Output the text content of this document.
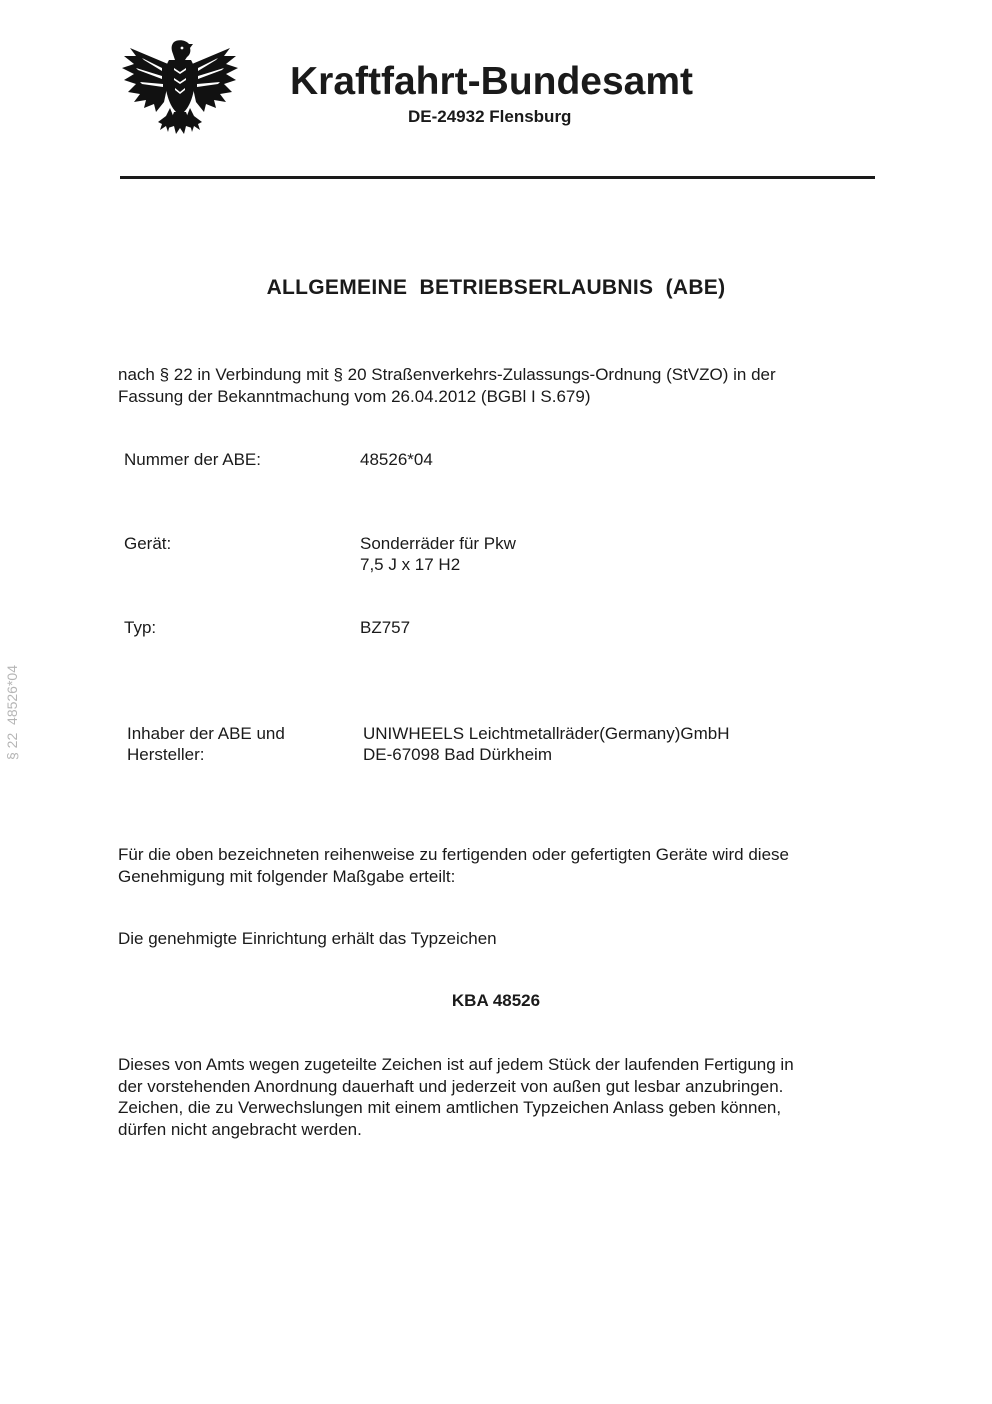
Kraftfahrt-Bundesamt
DE-24932 Flensburg
§ 22  48526*04
ALLGEMEINE  BETRIEBSERLAUBNIS  (ABE)
nach § 22 in Verbindung mit § 20 Straßenverkehrs-Zulassungs-Ordnung (StVZO) in der
Fassung der Bekanntmachung vom 26.04.2012 (BGBl I S.679)
Nummer der ABE:	48526*04
Gerät:	Sonderräder für Pkw
7,5 J x 17 H2
Typ:	BZ757
Inhaber der ABE und
Hersteller:
UNIWHEELS Leichtmetallräder(Germany)GmbH
DE-67098 Bad Dürkheim
Für die oben bezeichneten reihenweise zu fertigenden oder gefertigten Geräte wird diese
Genehmigung mit folgender Maßgabe erteilt:
Die genehmigte Einrichtung erhält das Typzeichen
KBA 48526
Dieses von Amts wegen zugeteilte Zeichen ist auf jedem Stück der laufenden Fertigung in
der vorstehenden Anordnung dauerhaft und jederzeit von außen gut lesbar anzubringen.
Zeichen, die zu Verwechslungen mit einem amtlichen Typzeichen Anlass geben können,
dürfen nicht angebracht werden.
